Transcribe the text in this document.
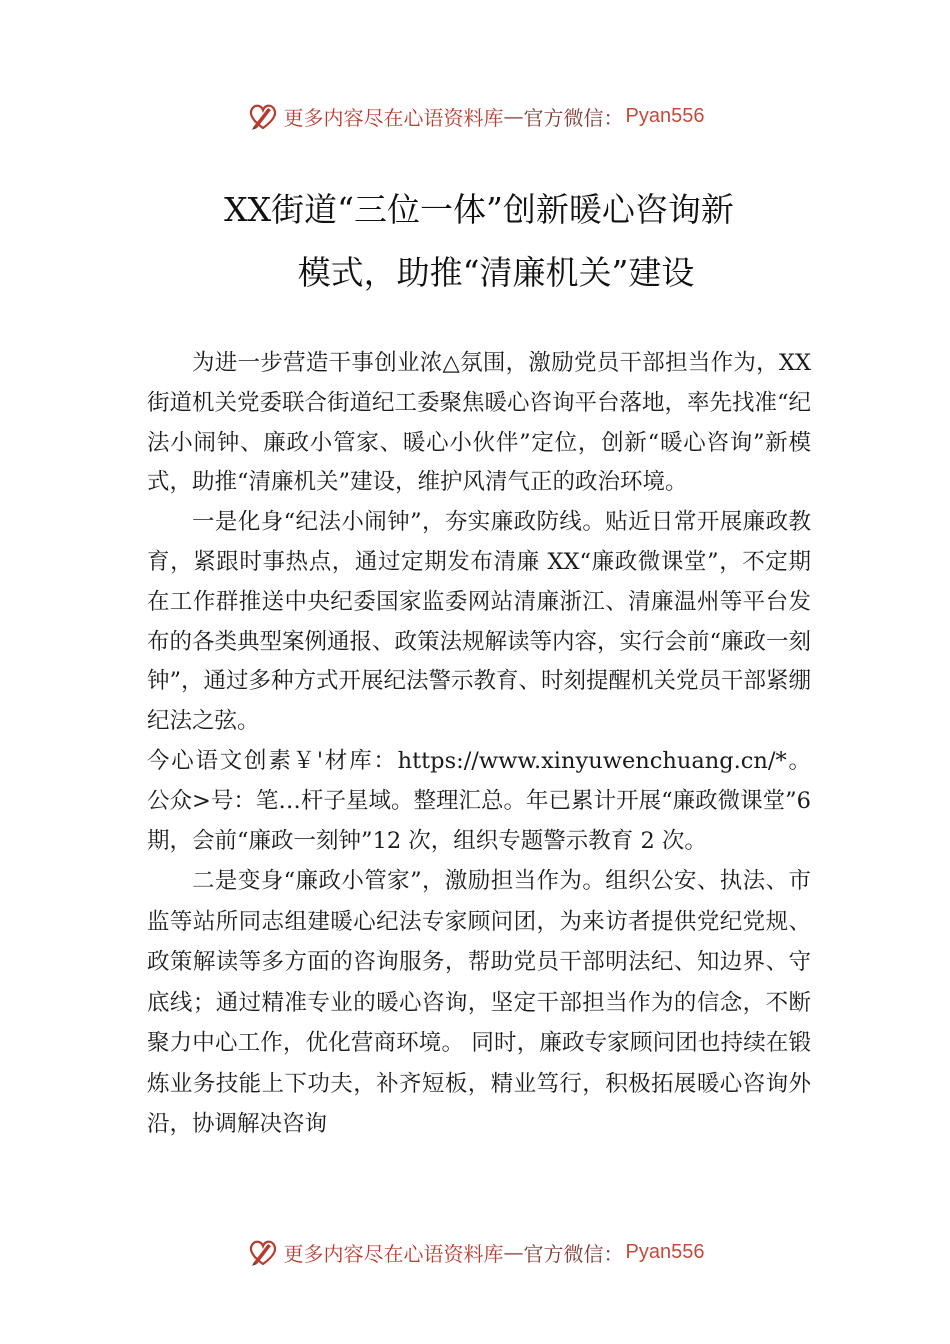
更多内容尽在心语资料库 — 官方微信： Pyan556
XX街道“三位一体”创新暖心咨询新
模式，助推“清廉机关”建设

为进一步营造干事创业浓△氛围，激励党员干部担当作为，XX 街道机关党委联合街道纪工委聚焦暖心咨询平台落地，率先找准“纪法小闹钟、廉政小管家、暖心小伙伴”定位，创新“暖心咨询”新模式，助推“清廉机关”建设，维护风清气正的政治环境。

一是化身“纪法小闹钟”，夯实廉政防线。贴近日常开展廉政教育，紧跟时事热点，通过定期发布清廉 XX“廉政微课堂”，不定期在工作群推送中央纪委国家监委网站清廉浙江、清廉温州等平台发布的各类典型案例通报、政策法规解读等内容，实行会前“廉政一刻钟”，通过多种方式开展纪法警示教育、时刻提醒机关党员干部紧绷纪法之弦。

今心语文创素￥'材库：https://www.xinyuwenchuang.cn/*。公众>号：笔…杆子星域。整理汇总。年已累计开展“廉政微课堂”6 期，会前“廉政一刻钟”12 次，组织专题警示教育 2 次。

二是变身“廉政小管家”，激励担当作为。组织公安、执法、市监等站所同志组建暖心纪法专家顾问团，为来访者提供党纪党规、政策解读等多方面的咨询服务，帮助党员干部明法纪、知边界、守底线；通过精准专业的暖心咨询，坚定干部担当作为的信念，不断聚力中心工作，优化营商环境。 同时，廉政专家顾问团也持续在锻炼业务技能上下功夫，补齐短板，精业笃行，积极拓展暖心咨询外沿，协调解决咨询

更多内容尽在心语资料库 — 官方微信： Pyan556
